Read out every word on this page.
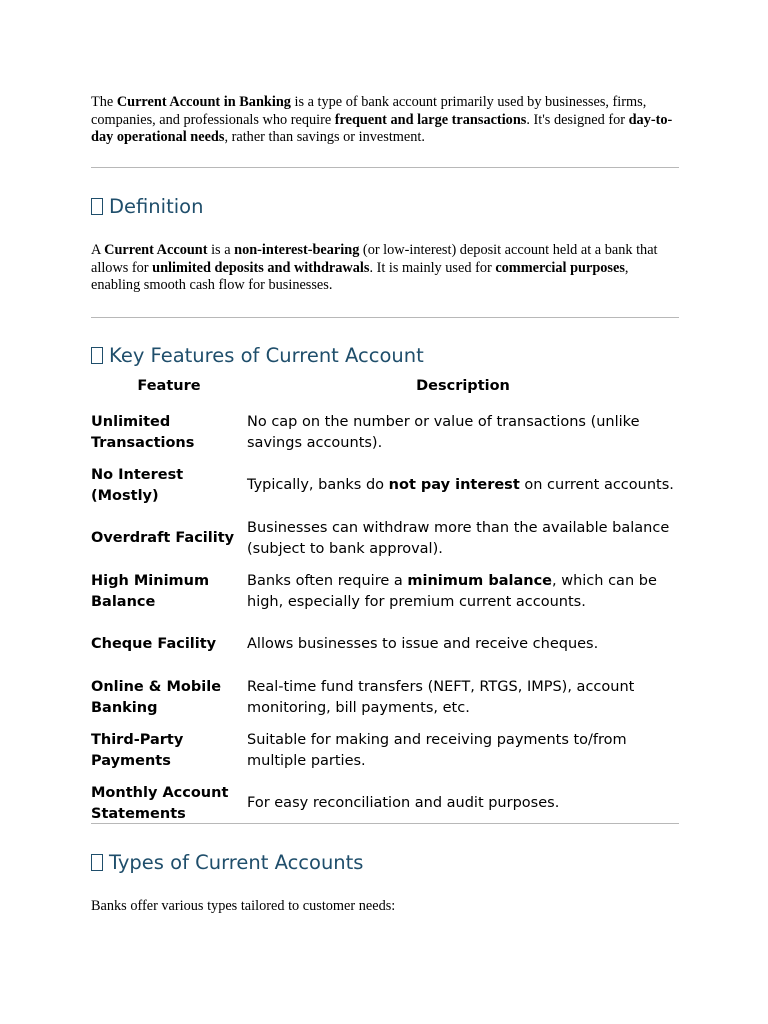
The Current Account in Banking is a type of bank account primarily used by businesses, firms, companies, and professionals who require frequent and large transactions. It's designed for day-to-day operational needs, rather than savings or investment.

Definition

A Current Account is a non-interest-bearing (or low-interest) deposit account held at a bank that allows for unlimited deposits and withdrawals. It is mainly used for commercial purposes, enabling smooth cash flow for businesses.

Key Features of Current Account
Feature	Description
Unlimited Transactions	No cap on the number or value of transactions (unlike savings accounts).
No Interest (Mostly)	Typically, banks do not pay interest on current accounts.
Overdraft Facility	Businesses can withdraw more than the available balance (subject to bank approval).
High Minimum Balance	Banks often require a minimum balance, which can be high, especially for premium current accounts.
Cheque Facility	Allows businesses to issue and receive cheques.
Online & Mobile Banking	Real-time fund transfers (NEFT, RTGS, IMPS), account monitoring, bill payments, etc.
Third-Party Payments	Suitable for making and receiving payments to/from multiple parties.
Monthly Account Statements	For easy reconciliation and audit purposes.
Types of Current Accounts

Banks offer various types tailored to customer needs:
